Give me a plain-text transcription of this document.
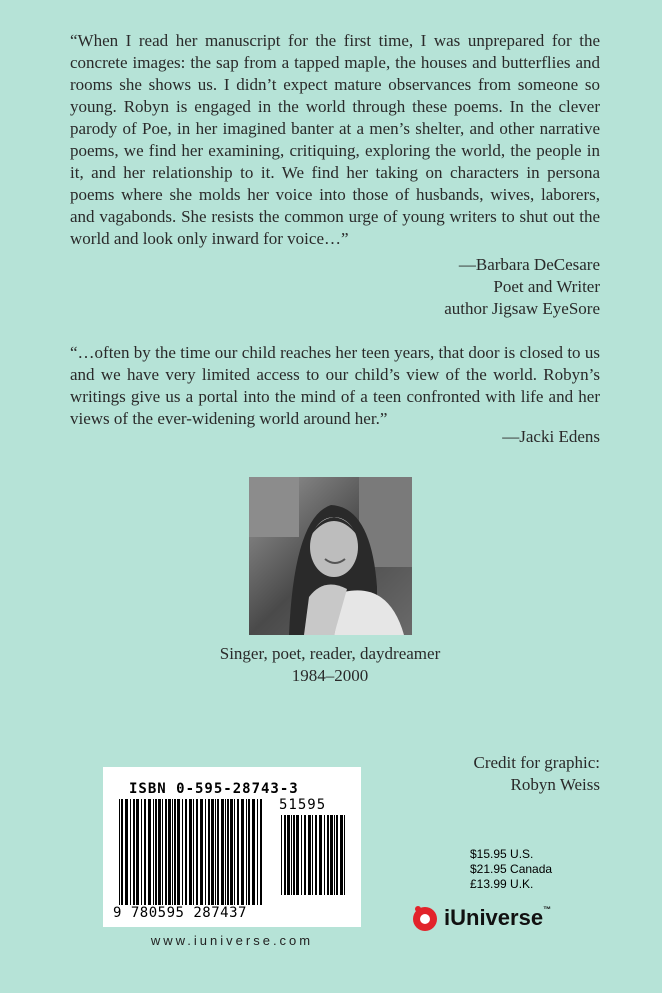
“When I read her manuscript for the first time, I was unprepared for the concrete images: the sap from a tapped maple, the houses and butterflies and rooms she shows us. I didn’t expect mature observances from someone so young. Robyn is engaged in the world through these poems. In the clever parody of Poe, in her imagined banter at a men’s shelter, and other narrative poems, we find her examining, critiquing, exploring the world, the people in it, and her relationship to it. We find her taking on characters in persona poems where she molds her voice into those of husbands, wives, laborers, and vagabonds. She resists the common urge of young writers to shut out the world and look only inward for voice…”
—Barbara DeCesare
Poet and Writer
author Jigsaw EyeSore
“…often by the time our child reaches her teen years, that door is closed to us and we have very limited access to our child’s view of the world. Robyn’s writings give us a portal into the mind of a teen confronted with life and her views of the ever-widening world around her.”
—Jacki Edens
Singer, poet, reader, daydreamer
1984–2000
Credit for graphic:
Robyn Weiss
ISBN 0-595-28743-3
51595
9 780595 287437
www.iuniverse.com
$15.95 U.S.
$21.95 Canada
£13.99 U.K.
iUniverse™
